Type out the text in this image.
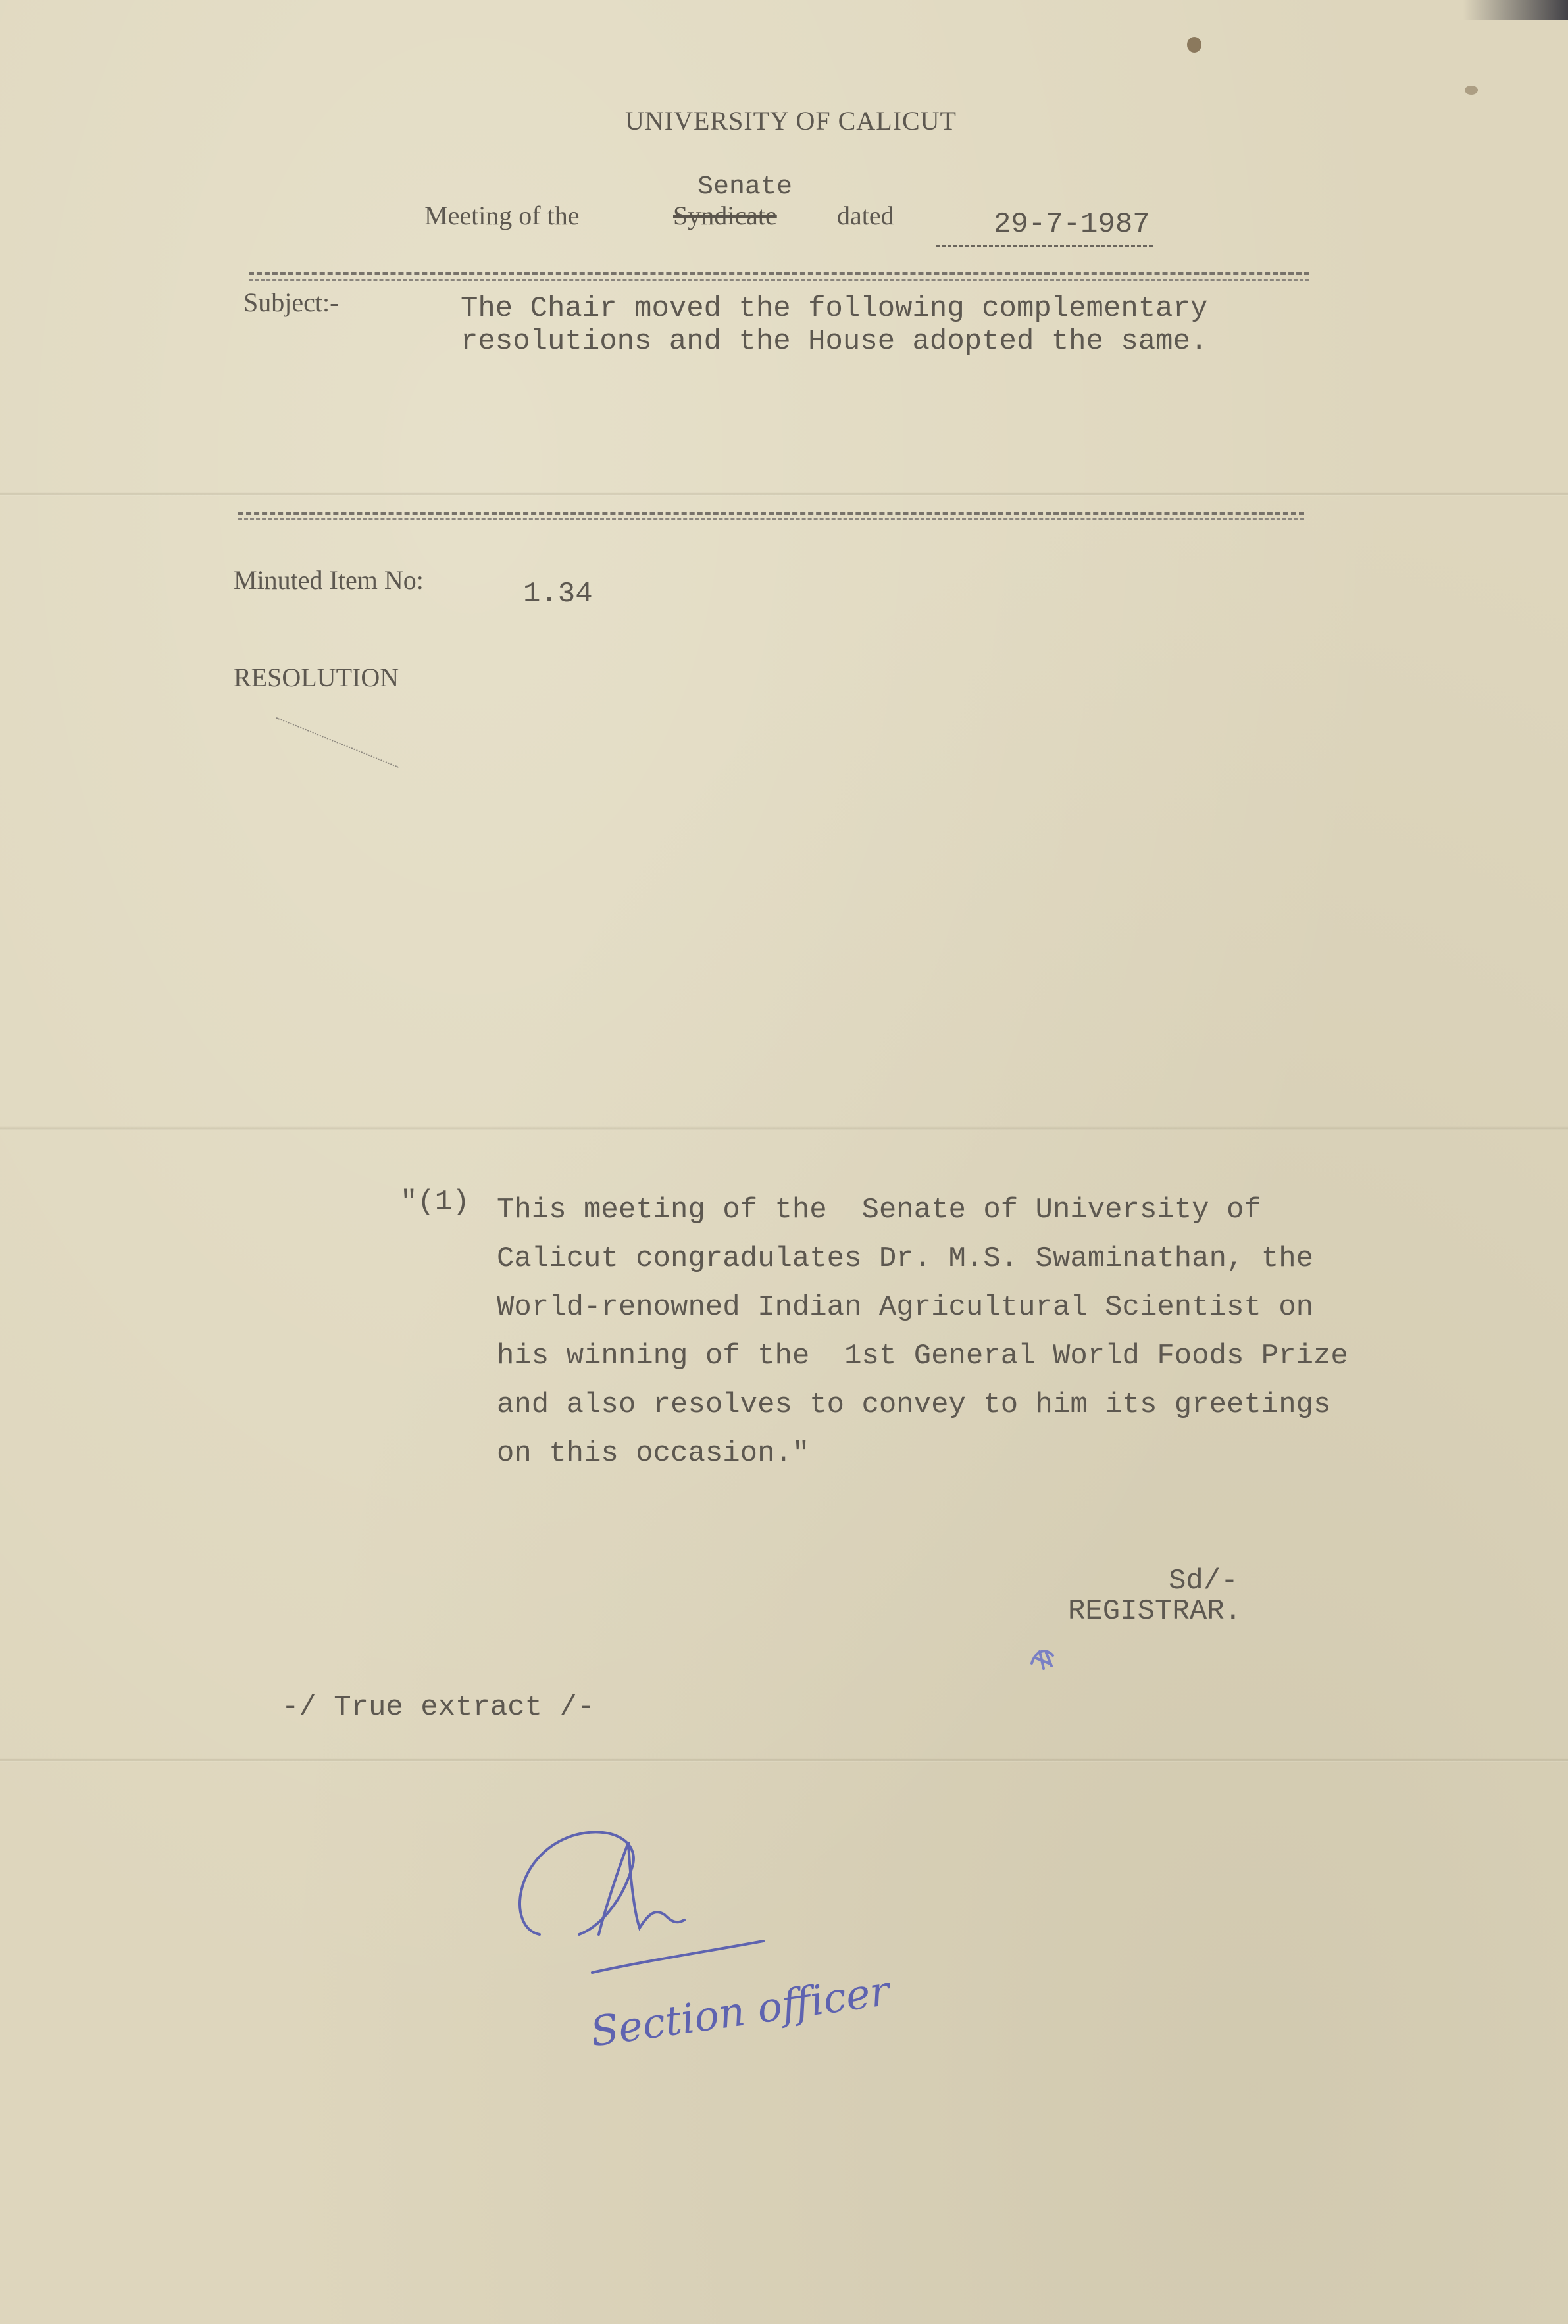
UNIVERSITY OF CALICUT
Senate
Meeting of the	Syndicate dated	29-7-1987
Subject:-	The Chair moved the following complementary
resolutions and the House adopted the same.
Minuted Item No:	1.34
RESOLUTION
"(1) This meeting of the  Senate of University of
Calicut congradulates Dr. M.S. Swaminathan, the
World-renowned Indian Agricultural Scientist on
his winning of the  1st General World Foods Prize
and also resolves to convey to him its greetings
on this occasion."
Sd/-
REGISTRAR.
-/ True extract /-
Section officer
